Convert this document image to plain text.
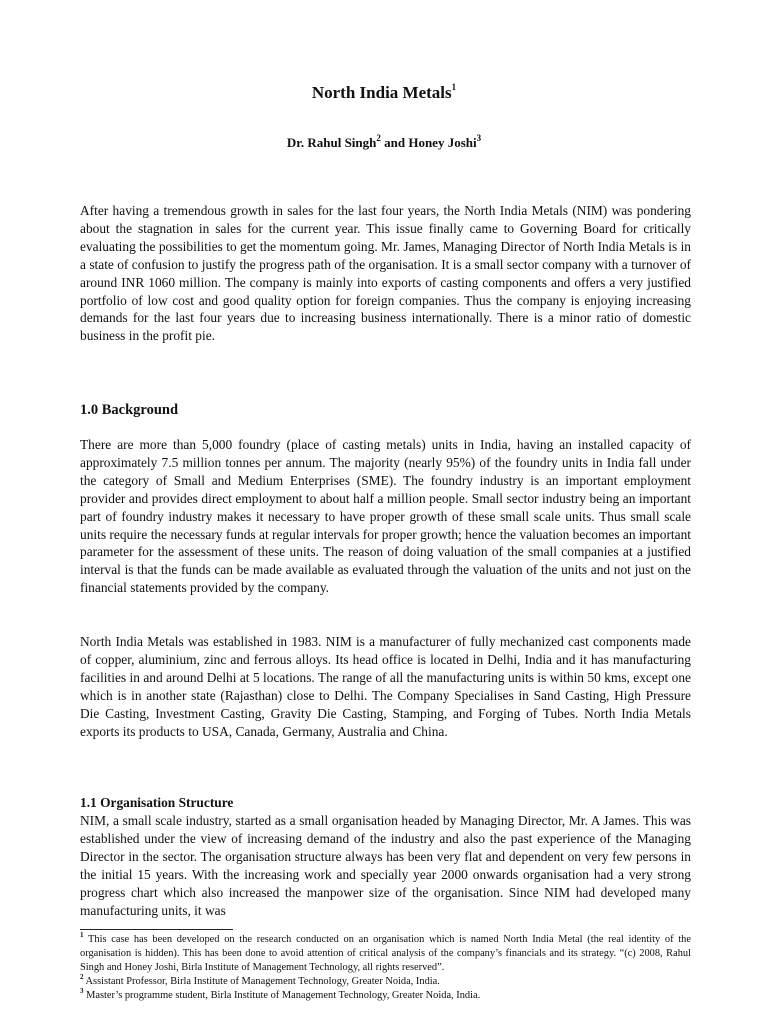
North India Metals$^1$
Dr. Rahul Singh$^2$ and Honey Joshi$^3$

After having a tremendous growth in sales for the last four years, the North India Metals (NIM) was pondering about the stagnation in sales for the current year. This issue finally came to Governing Board for critically evaluating the possibilities to get the momentum going. Mr. James, Managing Director of North India Metals is in a state of confusion to justify the progress path of the organisation. It is a small sector company with a turnover of around INR 1060 million. The company is mainly into exports of casting components and offers a very justified portfolio of low cost and good quality option for foreign companies. Thus the company is enjoying increasing demands for the last four years due to increasing business internationally. There is a minor ratio of domestic business in the profit pie.

1.0 Background

There are more than 5,000 foundry (place of casting metals) units in India, having an installed capacity of approximately 7.5 million tonnes per annum. The majority (nearly 95%) of the foundry units in India fall under the category of Small and Medium Enterprises (SME). The foundry industry is an important employment provider and provides direct employment to about half a million people. Small sector industry being an important part of foundry industry makes it necessary to have proper growth of these small scale units. Thus small scale units require the necessary funds at regular intervals for proper growth; hence the valuation becomes an important parameter for the assessment of these units. The reason of doing valuation of the small companies at a justified interval is that the funds can be made available as evaluated through the valuation of the units and not just on the financial statements provided by the company.

North India Metals was established in 1983. NIM is a manufacturer of fully mechanized cast components made of copper, aluminium, zinc and ferrous alloys. Its head office is located in Delhi, India and it has manufacturing facilities in and around Delhi at 5 locations. The range of all the manufacturing units is within 50 kms, except one which is in another state (Rajasthan) close to Delhi. The Company Specialises in Sand Casting, High Pressure Die Casting, Investment Casting, Gravity Die Casting, Stamping, and Forging of Tubes. North India Metals exports its products to USA, Canada, Germany, Australia and China.

1.1 Organisation Structure

NIM, a small scale industry, started as a small organisation headed by Managing Director, Mr. A James. This was established under the view of increasing demand of the industry and also the past experience of the Managing Director in the sector. The organisation structure always has been very flat and dependent on very few persons in the initial 15 years. With the increasing work and specially year 2000 onwards organisation had a very strong progress chart which also increased the manpower size of the organisation. Since NIM had developed many manufacturing units, it was

$^1$ This case has been developed on the research conducted on an organisation which is named North India Metal (the real identity of the organisation is hidden). This has been done to avoid attention of critical analysis of the company’s financials and its strategy. “(c) 2008, Rahul Singh and Honey Joshi, Birla Institute of Management Technology, all rights reserved”.

$^2$ Assistant Professor, Birla Institute of Management Technology, Greater Noida, India.

$^3$ Master’s programme student, Birla Institute of Management Technology, Greater Noida, India.
